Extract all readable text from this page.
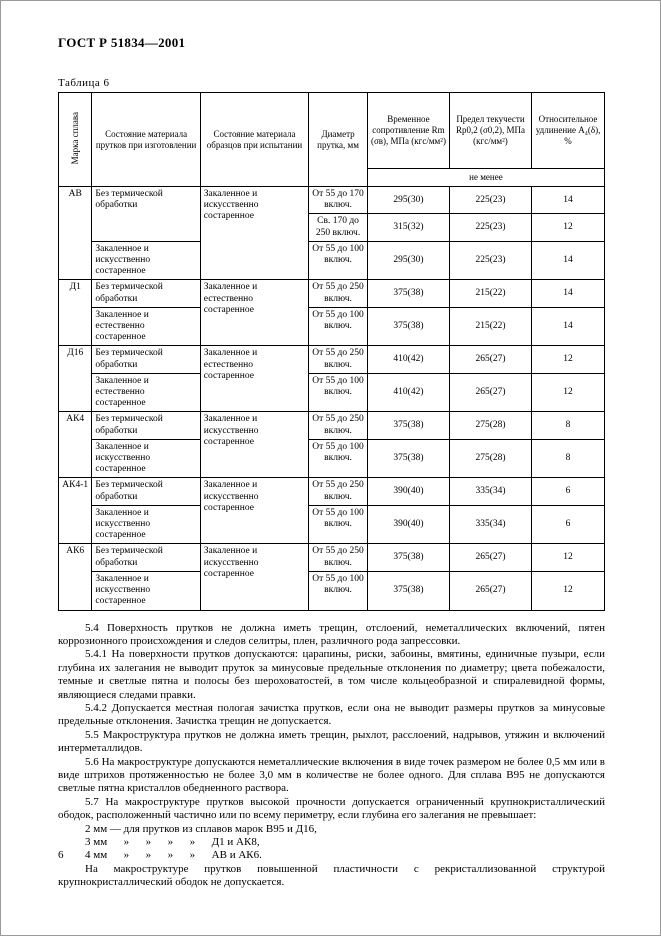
ГОСТ Р 51834—2001
Таблица 6
Марка сплава	Состояние материала прутков при изготовлении	Состояние материала образцов при испытании	Диаметр прутка, мм	Временное сопротивление Rm (σв), МПа (кгс/мм²)	Предел текучести Rp0,2 (σ0,2), МПа (кгс/мм²)	Относительное удлинение A₄(δ), %
				не менее		
АВ	Без термической обработки	Закаленное и искусственно состаренное	От 55 до 170 включ.	295(30)	225(23)	14
			Св. 170 до 250 включ.	315(32)	225(23)	12
	Закаленное и искусственно состаренное		От 55 до 100 включ.	295(30)	225(23)	14
Д1	Без термической обработки	Закаленное и естественно состаренное	От 55 до 250 включ.	375(38)	215(22)	14
	Закаленное и естественно состаренное		От 55 до 100 включ.	375(38)	215(22)	14
Д16	Без термической обработки	Закаленное и естественно состаренное	От 55 до 250 включ.	410(42)	265(27)	12
	Закаленное и естественно состаренное		От 55 до 100 включ.	410(42)	265(27)	12
АК4	Без термической обработки	Закаленное и искусственно состаренное	От 55 до 250 включ.	375(38)	275(28)	8
	Закаленное и искусственно состаренное		От 55 до 100 включ.	375(38)	275(28)	8
АК4-1	Без термической обработки	Закаленное и искусственно состаренное	От 55 до 250 включ.	390(40)	335(34)	6
	Закаленное и искусственно состаренное		От 55 до 100 включ.	390(40)	335(34)	6
АК6	Без термической обработки	Закаленное и искусственно состаренное	От 55 до 250 включ.	375(38)	265(27)	12
	Закаленное и искусственно состаренное		От 55 до 100 включ.	375(38)	265(27)	12

5.4 Поверхность прутков не должна иметь трещин, отслоений, неметаллических включений, пятен коррозионного происхождения и следов селитры, плен, различного рода запрессовки.

5.4.1 На поверхности прутков допускаются: царапины, риски, забоины, вмятины, единичные пузыри, если глубина их залегания не выводит пруток за минусовые предельные отклонения по диаметру; цвета побежалости, темные и светлые пятна и полосы без шероховатостей, в том числе кольцеобразной и спиралевидной формы, являющиеся следами правки.

5.4.2 Допускается местная пологая зачистка прутков, если она не выводит размеры прутков за минусовые предельные отклонения. Зачистка трещин не допускается.

5.5 Макроструктура прутков не должна иметь трещин, рыхлот, расслоений, надрывов, утяжин и включений интерметаллидов.

5.6 На макроструктуре допускаются неметаллические включения в виде точек размером не более 0,5 мм или в виде штрихов протяженностью не более 3,0 мм в количестве не более одного. Для сплава В95 не допускаются светлые пятна кристаллов обедненного раствора.

5.7 На макроструктуре прутков высокой прочности допускается ограниченный крупнокристаллический ободок, расположенный частично или по всему периметру, если глубина его залегания не превышает:

2 мм — для прутков из сплавов марок В95 и Д16,

3 мм      »      »      »      »      Д1 и АК8,

4 мм      »      »      »      »      АВ и АК6.

На макроструктуре прутков повышенной пластичности с рекристаллизованной структурой крупнокристаллический ободок не допускается.

6
